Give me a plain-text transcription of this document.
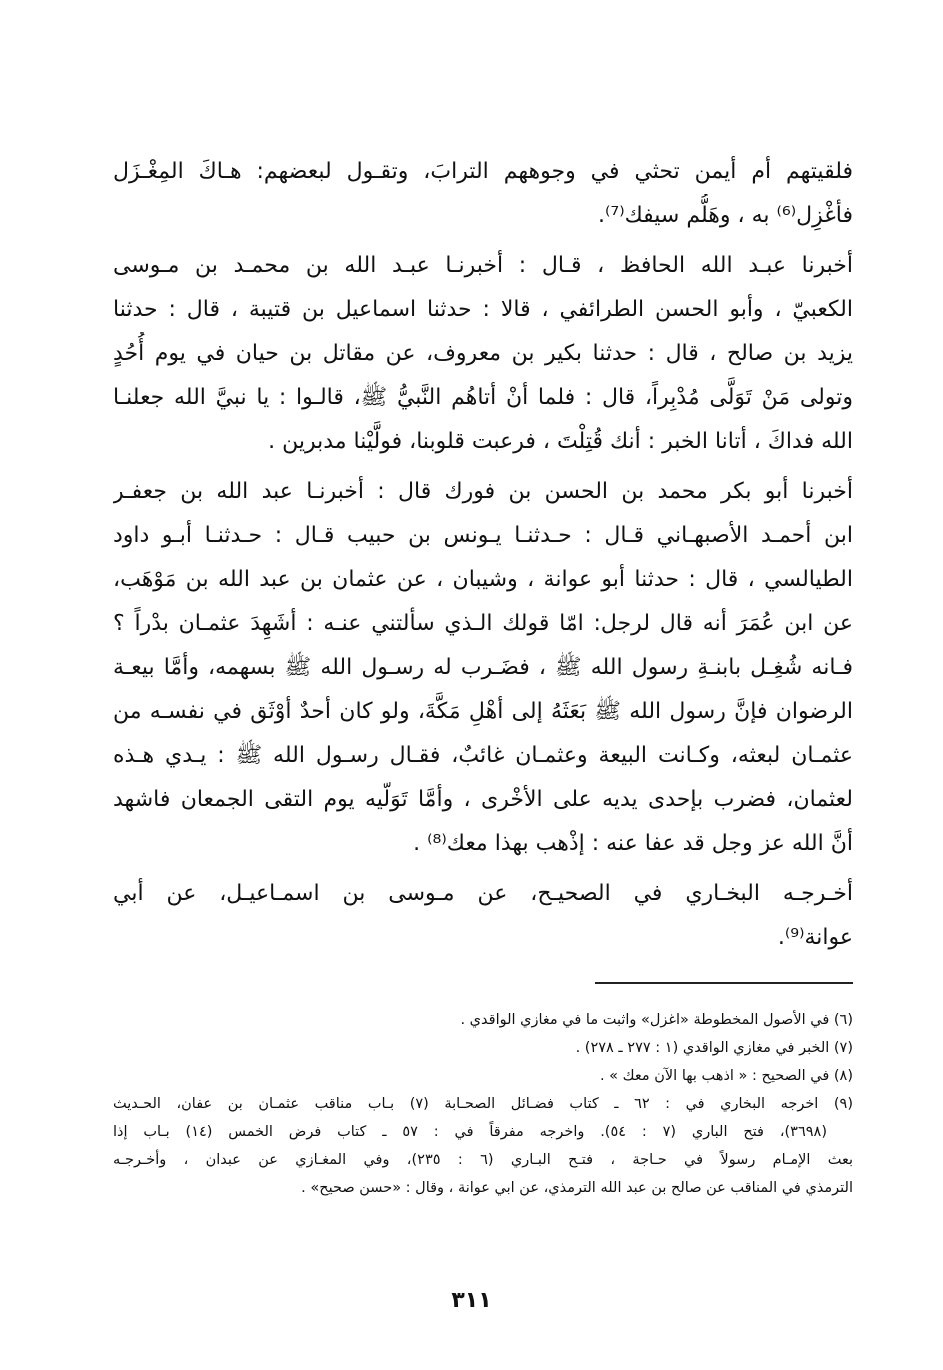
فلقيتهم أم أيمن تحثي في وجوههم الترابَ، وتقـول لبعضهم: هـاكَ المِغْـزَل
فأغْزِل⁽⁶⁾ به ، وهَلُّم سيفك⁽⁷⁾.

أخبرنا عبـد الله الحافظ ، قـال : أخبرنـا عبـد الله بن محمـد بن مـوسى
الكعبيّ ، وأبو الحسن الطرائفي ، قالا : حدثنا اسماعيل بن قتيبة ، قال : حدثنا
يزيد بن صالح ، قال : حدثنا بكير بن معروف، عن مقاتل بن حيان في يوم أُحُدٍ
وتولى مَنْ تَوَلَّى مُدْبِراً، قال : فلما أنْ أتاهُم النَّبيُّ ﷺ، قالـوا : يا نبيَّ الله جعلنـا
الله فداكَ ، أتانا الخبر : أنك قُتِلْتَ ، فرعبت قلوبنا، فولَّيْنا مدبرين .

أخبرنا أبو بكر محمد بن الحسن بن فورك قال : أخبرنـا عبد الله بن جعفـر
ابن أحمـد الأصبهـاني قـال : حـدثنـا يـونس بن حبيب قـال : حـدثنـا أبـو داود
الطيالسي ، قال : حدثنا أبو عوانة ، وشيبان ، عن عثمان بن عبد الله بن مَوْهَب،
عن ابن عُمَرَ أنه قال لرجل: امّا قولك الـذي سألتني عنـه : أشَهِدَ عثمـان بدْراً ؟
فـانه شُغِـل بابنـةِ رسول الله ﷺ ، فضَـرب له رسـول الله ﷺ بسهمه، وأمَّا بيعـة
الرضوان فإنَّ رسول الله ﷺ بَعَثَهُ إلى أهْلِ مَكَّةَ، ولو كان أحدٌ أوْثَق في نفسـه من
عثمـان لبعثه، وكـانت البيعة وعثمـان غائبٌ، فقـال رسـول الله ﷺ : يـدي هـذه
لعثمان، فضرب بإحدى يديه على الأخْرى ، وأمَّا تَوَلّيه يوم التقى الجمعان فاشهد
أنَّ الله عز وجل قد عفا عنه : إذْهب بهذا معك⁽⁸⁾ .

أخـرجـه البخـاري في الصحيـح، عن مـوسى بن اسمـاعيـل، عن أبي
عوانة⁽⁹⁾.

(٦) في الأصول المخطوطة «اغزل» واثبت ما في مغازي الواقدي .

(٧) الخبر في مغازي الواقدي (١ : ٢٧٧ ـ ٢٧٨) .

(٨) في الصحيح : « اذهب بها الآن معك » .

(٩) اخرجه البخاري في : ٦٢ ـ كتاب فضـائل الصحـابة (٧) بـاب مناقب عثمـان بن عفان، الحـديث
(٣٦٩٨)، فتح الباري (٧ : ٥٤). واخرجه مفرقاً في : ٥٧ ـ كتاب فرض الخمس (١٤) بـاب إذا
بعث الإمـام رسولاً في حـاجة ، فتـح البـاري (٦ : ٢٣٥)، وفي المغـازي عن عبدان ، وأخـرجـه
الترمذي في المناقب عن صالح بن عبد الله الترمذي، عن ابي عوانة ، وقال : «حسن صحيح» .

٣١١
